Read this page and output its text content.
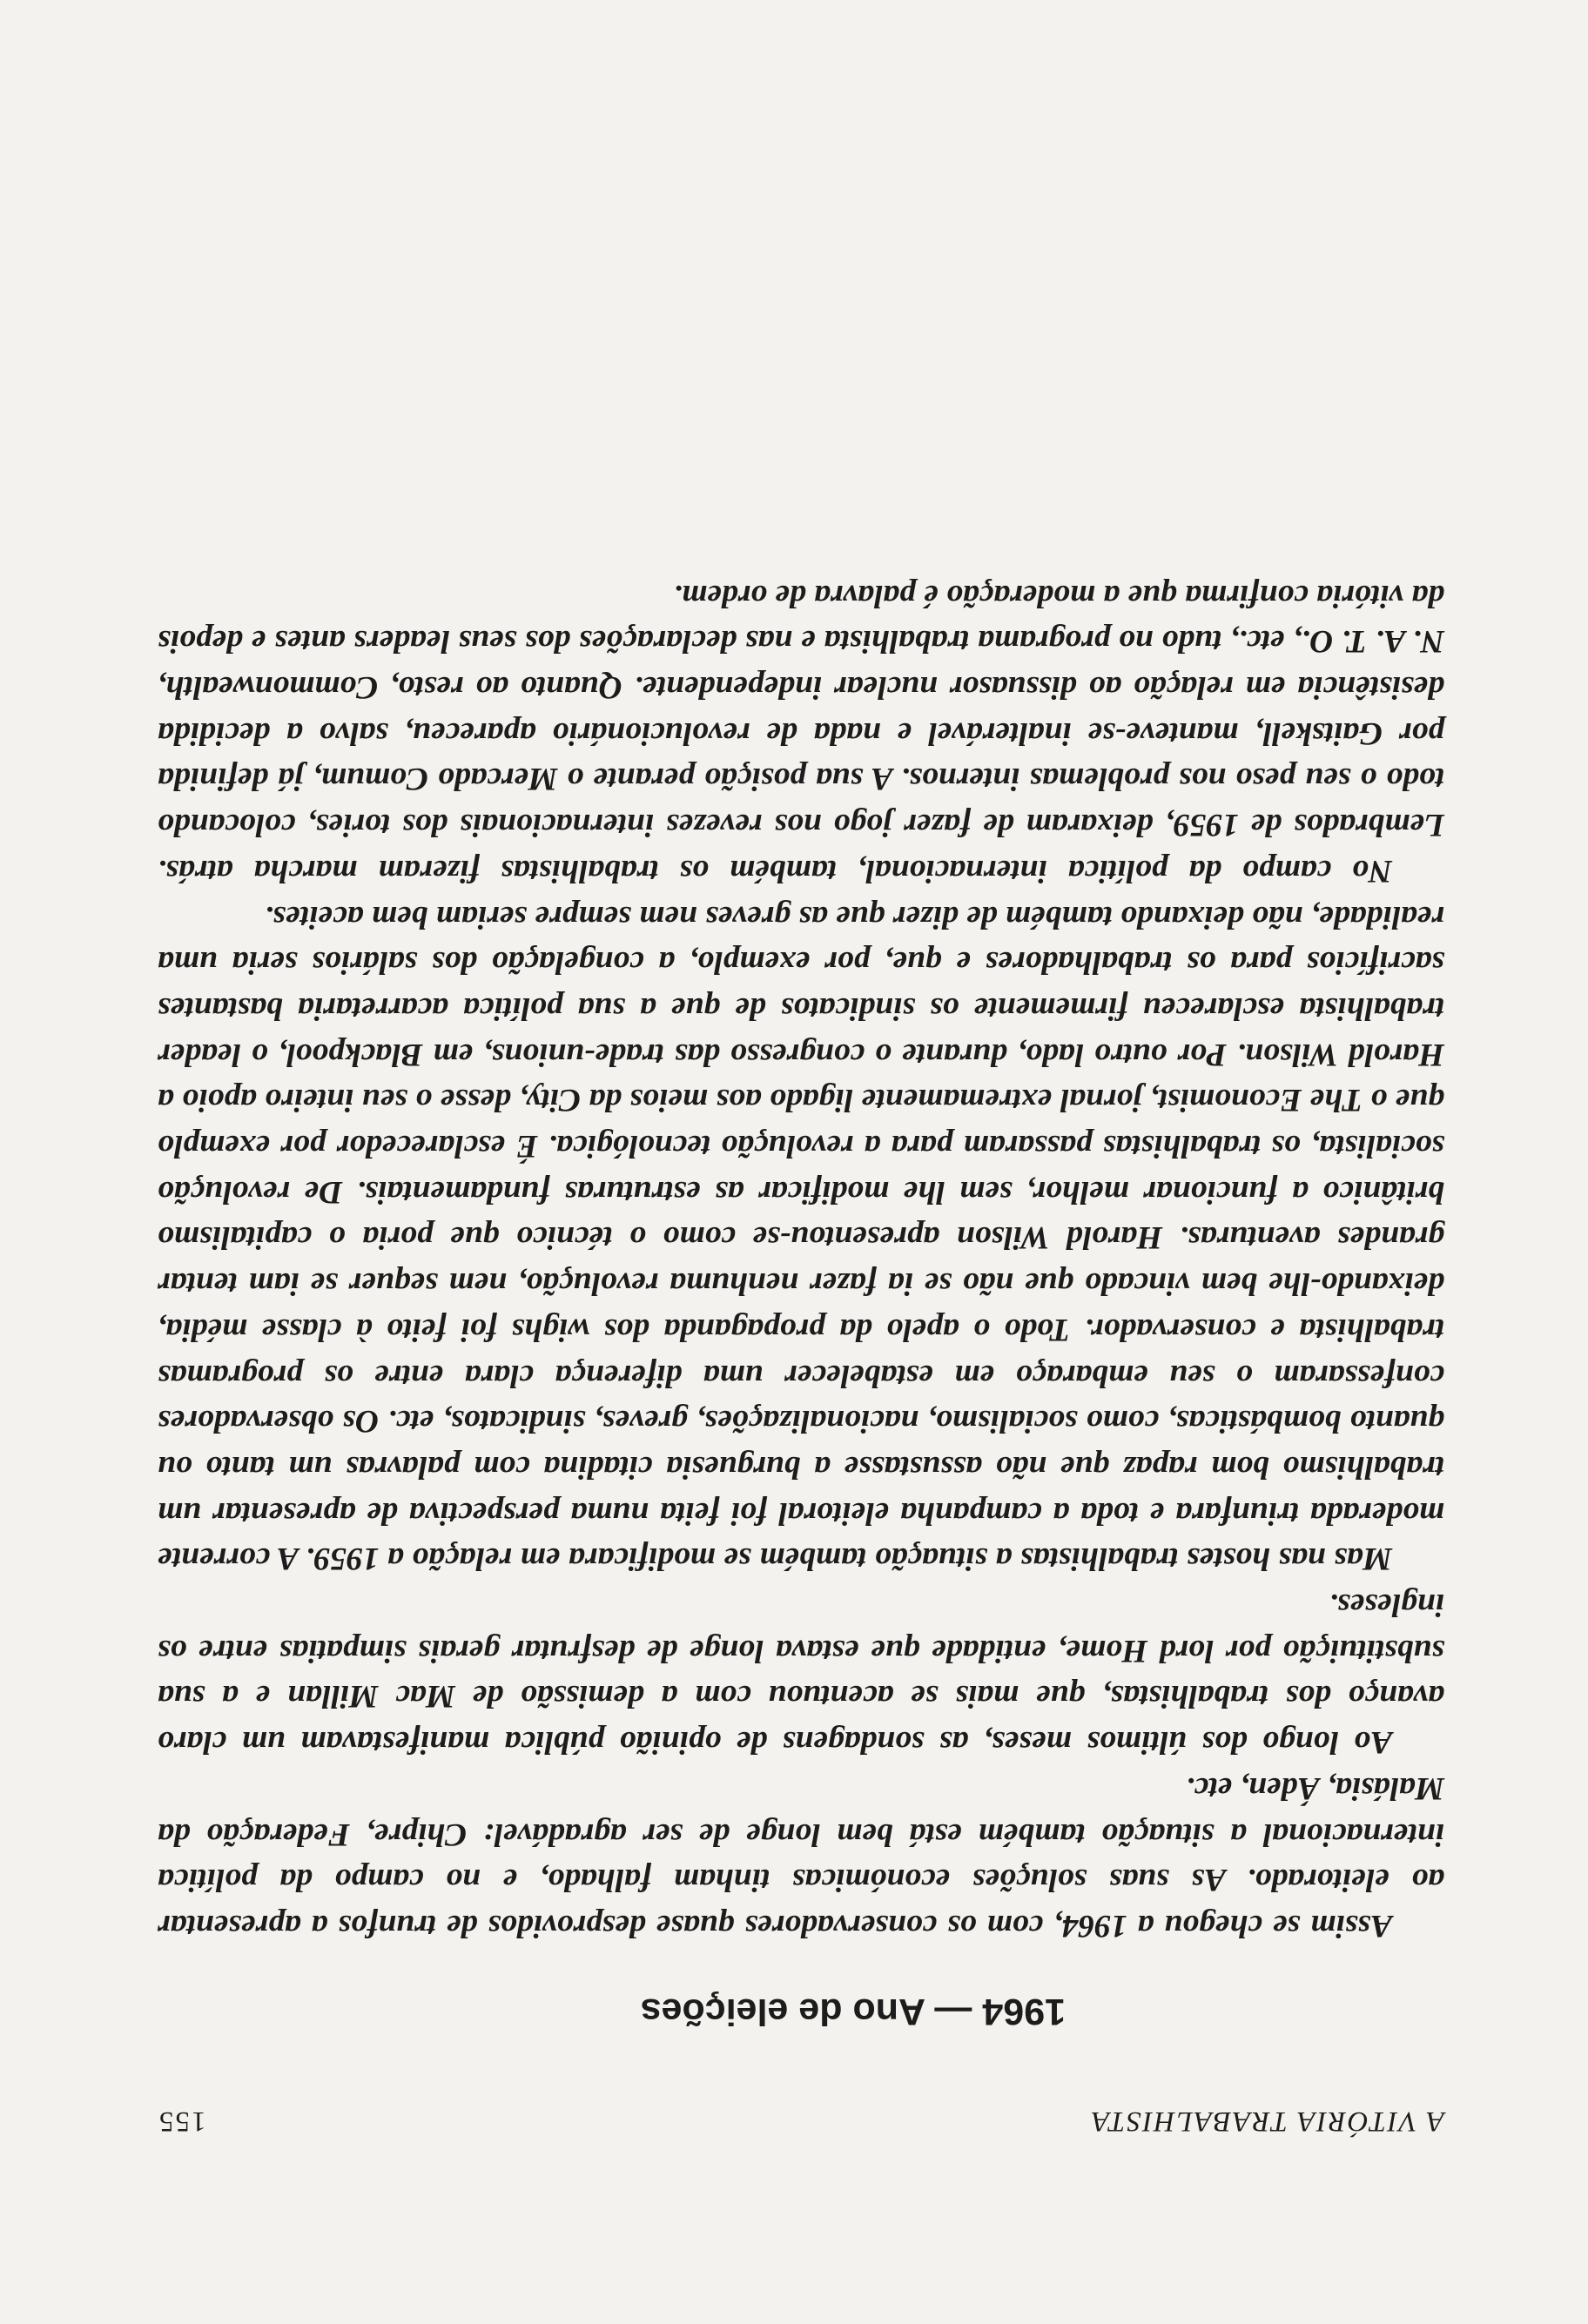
A VITÓRIA TRABALHISTA
155
1964 — Ano de eleições

Assim se chegou a 1964, com os conservadores quase desprovidos de trunfos a apresentar ao eleitorado. As suas soluções económicas tinham falhado, e no campo da política internacional a situação também está bem longe de ser agradável: Chipre, Federação da Malásia, Áden, etc.

Ao longo dos últimos meses, as sondagens de opinião pública manifestavam um claro avanço dos trabalhistas, que mais se acentuou com a demissão de Mac Millan e a sua substituição por lord Home, entidade que estava longe de desfrutar gerais simpatias entre os ingleses.

Mas nas hostes trabalhistas a situação também se modificara em relação a 1959. A corrente moderada triunfara e toda a campanha eleitoral foi feita numa perspectiva de apresentar um trabalhismo bom rapaz que não assustasse a burguesia citadina com palavras um tanto ou quanto bombásticas, como socialismo, nacionalizações, greves, sindicatos, etc. Os observadores confessaram o seu embaraço em estabelecer uma diferença clara entre os programas trabalhista e conservador. Todo o apelo da propaganda dos wighs foi feito à classe média, deixando-lhe bem vincado que não se ia fazer nenhuma revolução, nem sequer se iam tentar grandes aventuras. Harold Wilson apresentou-se como o técnico que poria o capitalismo britânico a funcionar melhor, sem lhe modificar as estruturas fundamentais. De revolução socialista, os trabalhistas passaram para a revolução tecnológica. É esclarecedor por exemplo que o The Economist, jornal extremamente ligado aos meios da City, desse o seu inteiro apoio a Harold Wilson. Por outro lado, durante o congresso das trade-unions, em Blackpool, o leader trabalhista esclareceu firmemente os sindicatos de que a sua política acarretaria bastantes sacrifícios para os trabalhadores e que, por exemplo, a congelação dos salários seria uma realidade, não deixando também de dizer que as greves nem sempre seriam bem aceites.

No campo da política internacional, também os trabalhistas fizeram marcha atrás. Lembrados de 1959, deixaram de fazer jogo nos revezes internacionais dos tories, colocando todo o seu peso nos problemas internos. A sua posição perante o Mercado Comum, já definida por Gaitskell, manteve-se inalterável e nada de revolucionário apareceu, salvo a decidida desistência em relação ao dissuasor nuclear independente. Quanto ao resto, Commonwealth, N. A. T. O., etc., tudo no programa trabalhista e nas declarações dos seus leaders antes e depois da vitória confirma que a moderação é palavra de ordem.
